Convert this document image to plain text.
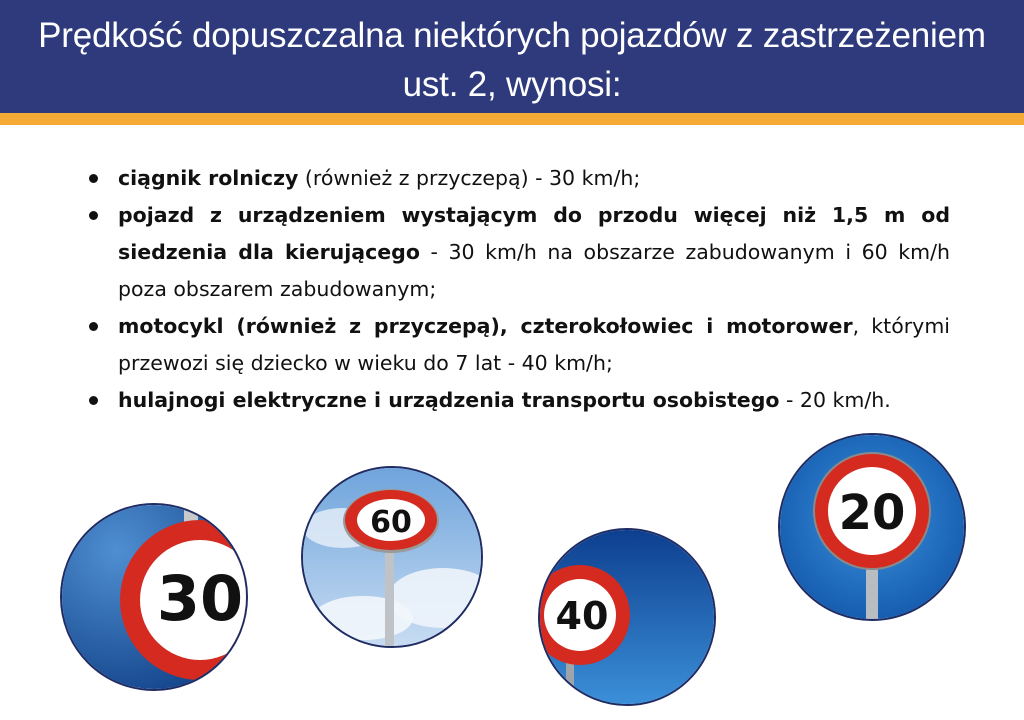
Prędkość dopuszczalna niektórych pojazdów z zastrzeżeniem ust. 2, wynosi:
ciągnik rolniczy (również z przyczepą) - 30 km/h;
pojazd z urządzeniem wystającym do przodu więcej niż 1,5 m od siedzenia dla kierującego - 30 km/h na obszarze zabudowanym i 60 km/h poza obszarem zabudowanym;
motocykl (również z przyczepą), czterokołowiec i motorower, którymi przewozi się dziecko w wieku do 7 lat - 40 km/h;
hulajnogi elektryczne i urządzenia transportu osobistego - 20 km/h.
30
60
40
20
